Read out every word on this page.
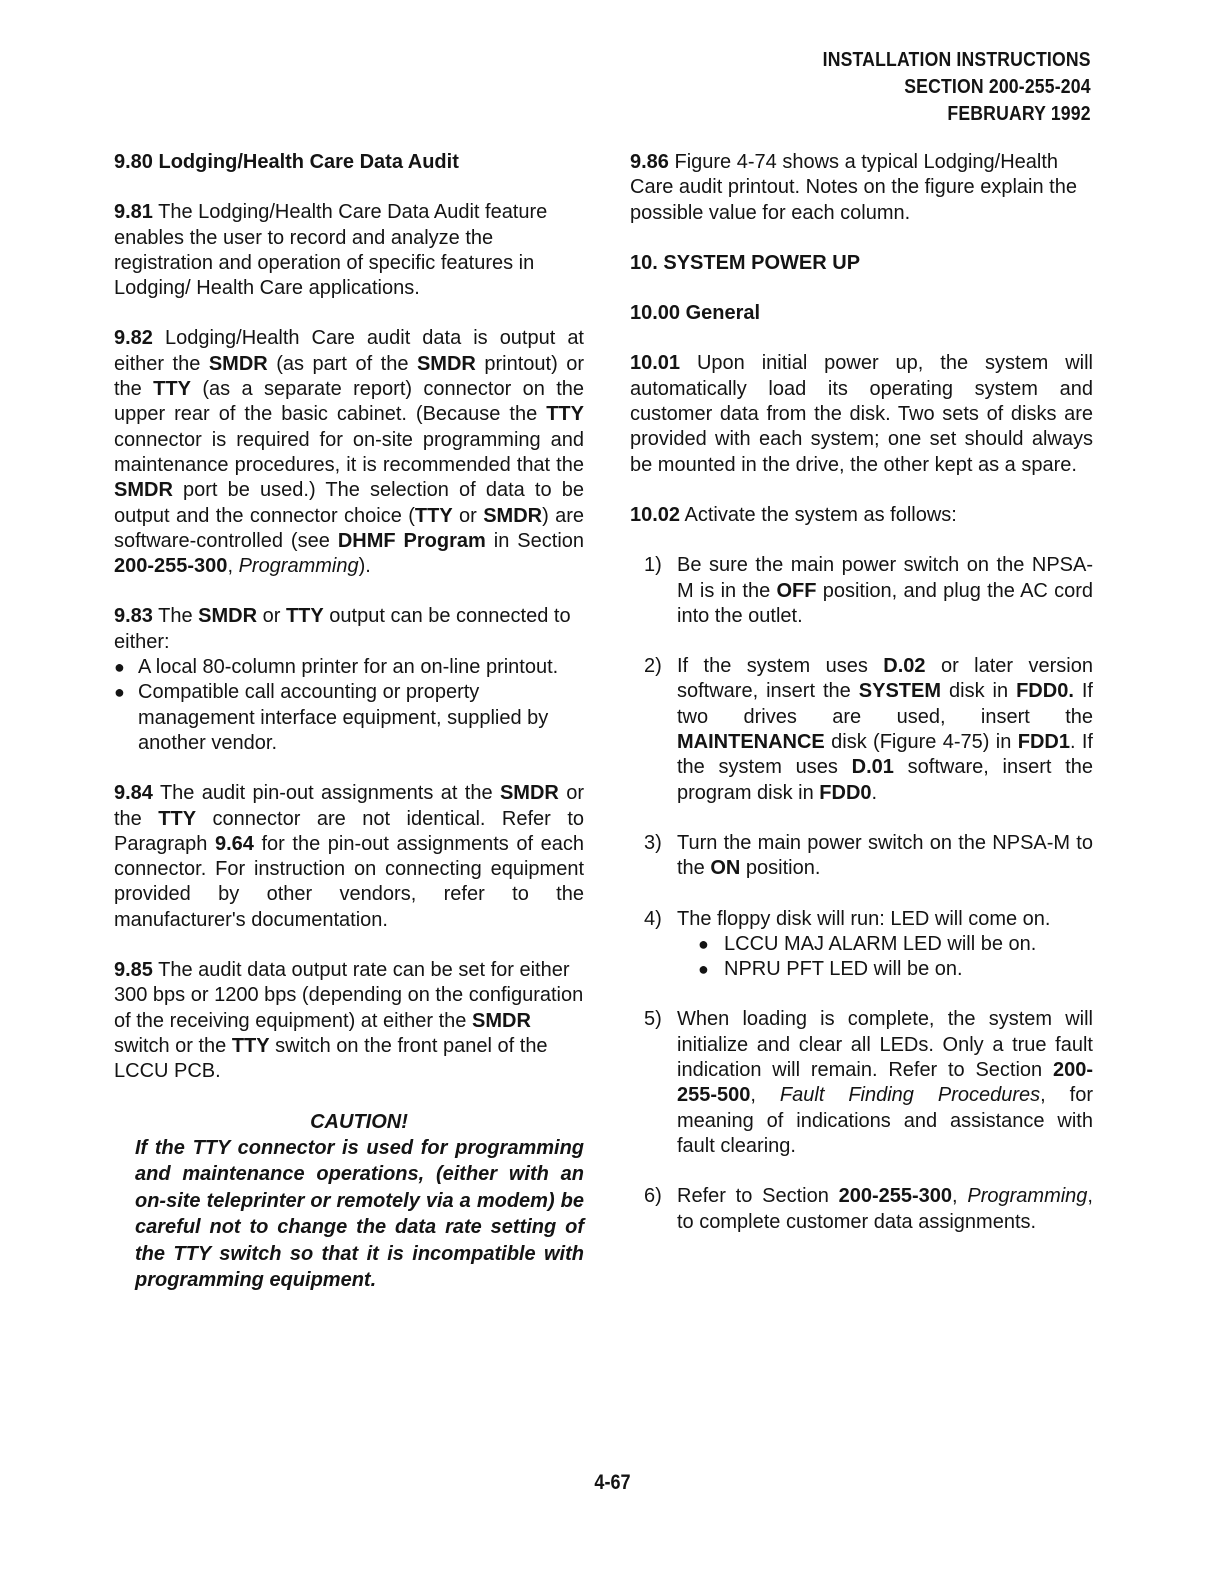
INSTALLATION INSTRUCTIONS
SECTION 200-255-204
FEBRUARY 1992

9.80 Lodging/Health Care Data Audit

9.81 The Lodging/Health Care Data Audit feature enables the user to record and analyze the registration and operation of specific features in Lodging/ Health Care applications.

9.82 Lodging/Health Care audit data is output at either the SMDR (as part of the SMDR printout) or the TTY (as a separate report) connector on the upper rear of the basic cabinet. (Because the TTY connector is required for on-site programming and maintenance procedures, it is recommended that the SMDR port be used.) The selection of data to be output and the connector choice (TTY or SMDR) are software-controlled (see DHMF Program in Section 200-255-300, Programming).

9.83 The SMDR or TTY output can be connected to either:

● A local 80-column printer for an on-line printout.
● Compatible call accounting or property management interface equipment, supplied by another vendor.

9.84 The audit pin-out assignments at the SMDR or the TTY connector are not identical. Refer to Paragraph 9.64 for the pin-out assignments of each connector. For instruction on connecting equipment provided by other vendors, refer to the manufacturer's documentation.

9.85 The audit data output rate can be set for either 300 bps or 1200 bps (depending on the configuration of the receiving equipment) at either the SMDR switch or the TTY switch on the front panel of the LCCU PCB.

CAUTION!

If the TTY connector is used for programming and maintenance operations, (either with an on-site teleprinter or remotely via a modem) be careful not to change the data rate setting of the TTY switch so that it is incompatible with programming equipment.

9.86 Figure 4-74 shows a typical Lodging/Health Care audit printout. Notes on the figure explain the possible value for each column.

10. SYSTEM POWER UP

10.00 General

10.01 Upon initial power up, the system will automatically load its operating system and customer data from the disk. Two sets of disks are provided with each system; one set should always be mounted in the drive, the other kept as a spare.

10.02 Activate the system as follows:

1) Be sure the main power switch on the NPSA-M is in the OFF position, and plug the AC cord into the outlet.
2) If the system uses D.02 or later version software, insert the SYSTEM disk in FDD0. If two drives are used, insert the MAINTENANCE disk (Figure 4-75) in FDD1. If the system uses D.01 software, insert the program disk in FDD0.
3) Turn the main power switch on the NPSA-M to the ON position.
4) The floppy disk will run: LED will come on.
● LCCU MAJ ALARM LED will be on.
● NPRU PFT LED will be on.
5) When loading is complete, the system will initialize and clear all LEDs. Only a true fault indication will remain. Refer to Section 200-255-500, Fault Finding Procedures, for meaning of indications and assistance with fault clearing.
6) Refer to Section 200-255-300, Programming, to complete customer data assignments.
4-67
